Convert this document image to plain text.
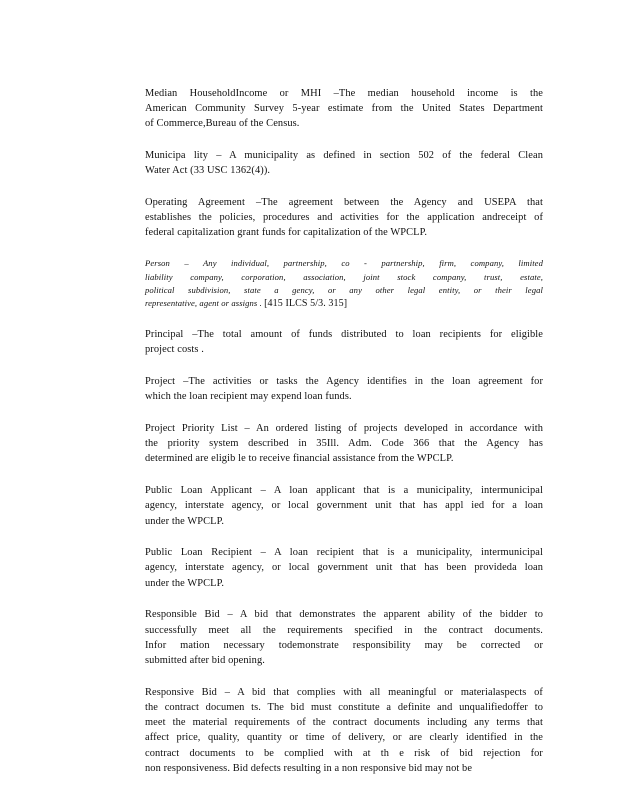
Median HouseholdIncome or MHI –The median household income is the

American Community Survey 5-year estimate from the United States Department

of Commerce,Bureau of the Census.

Municipa lity – A municipality as defined in section 502 of the federal Clean

Water Act (33 USC 1362(4)).

Operating Agreement –The agreement between the Agency and USEPA that

establishes the policies, procedures and activities for the application andreceipt of

federal capitalization grant funds for capitalization of the WPCLP.

Person – Any individual, partnership, co - partnership, firm, company, limited

liability company, corporation, association, joint stock company, trust, estate,

political subdivision, state a gency, or any other legal entity, or their legal

representative, agent or assigns . [415 ILCS 5/3. 315]

Principal –The total amount of funds distributed to loan recipients for eligible

project costs .

Project –The activities or tasks the Agency identifies in the loan agreement for

which the loan recipient may expend loan funds.

Project Priority List – An ordered listing of projects developed in accordance with

the priority system described in 35Ill. Adm. Code 366 that the Agency has

determined are eligib le to receive financial assistance from the WPCLP.

Public Loan Applicant – A loan applicant that is a municipality, intermunicipal

agency, interstate agency, or local government unit that has appl ied for a loan

under the WPCLP.

Public Loan Recipient – A loan recipient that is a municipality, intermunicipal

agency, interstate agency, or local government unit that has been provideda loan

under the WPCLP.

Responsible Bid – A bid that demonstrates the apparent ability of the bidder to

successfully meet all the requirements specified in the contract documents.

Infor mation necessary todemonstrate responsibility may be corrected or

submitted after bid opening.

Responsive Bid – A bid that complies with all meaningful or materialaspects of

the contract documen ts. The bid must constitute a definite and unqualifiedoffer to

meet the material requirements of the contract documents including any terms that

affect price, quality, quantity or time of delivery, or are clearly identified in the

contract documents to be complied with at th e risk of bid rejection for

non responsiveness. Bid defects resulting in a non responsive bid may not be
